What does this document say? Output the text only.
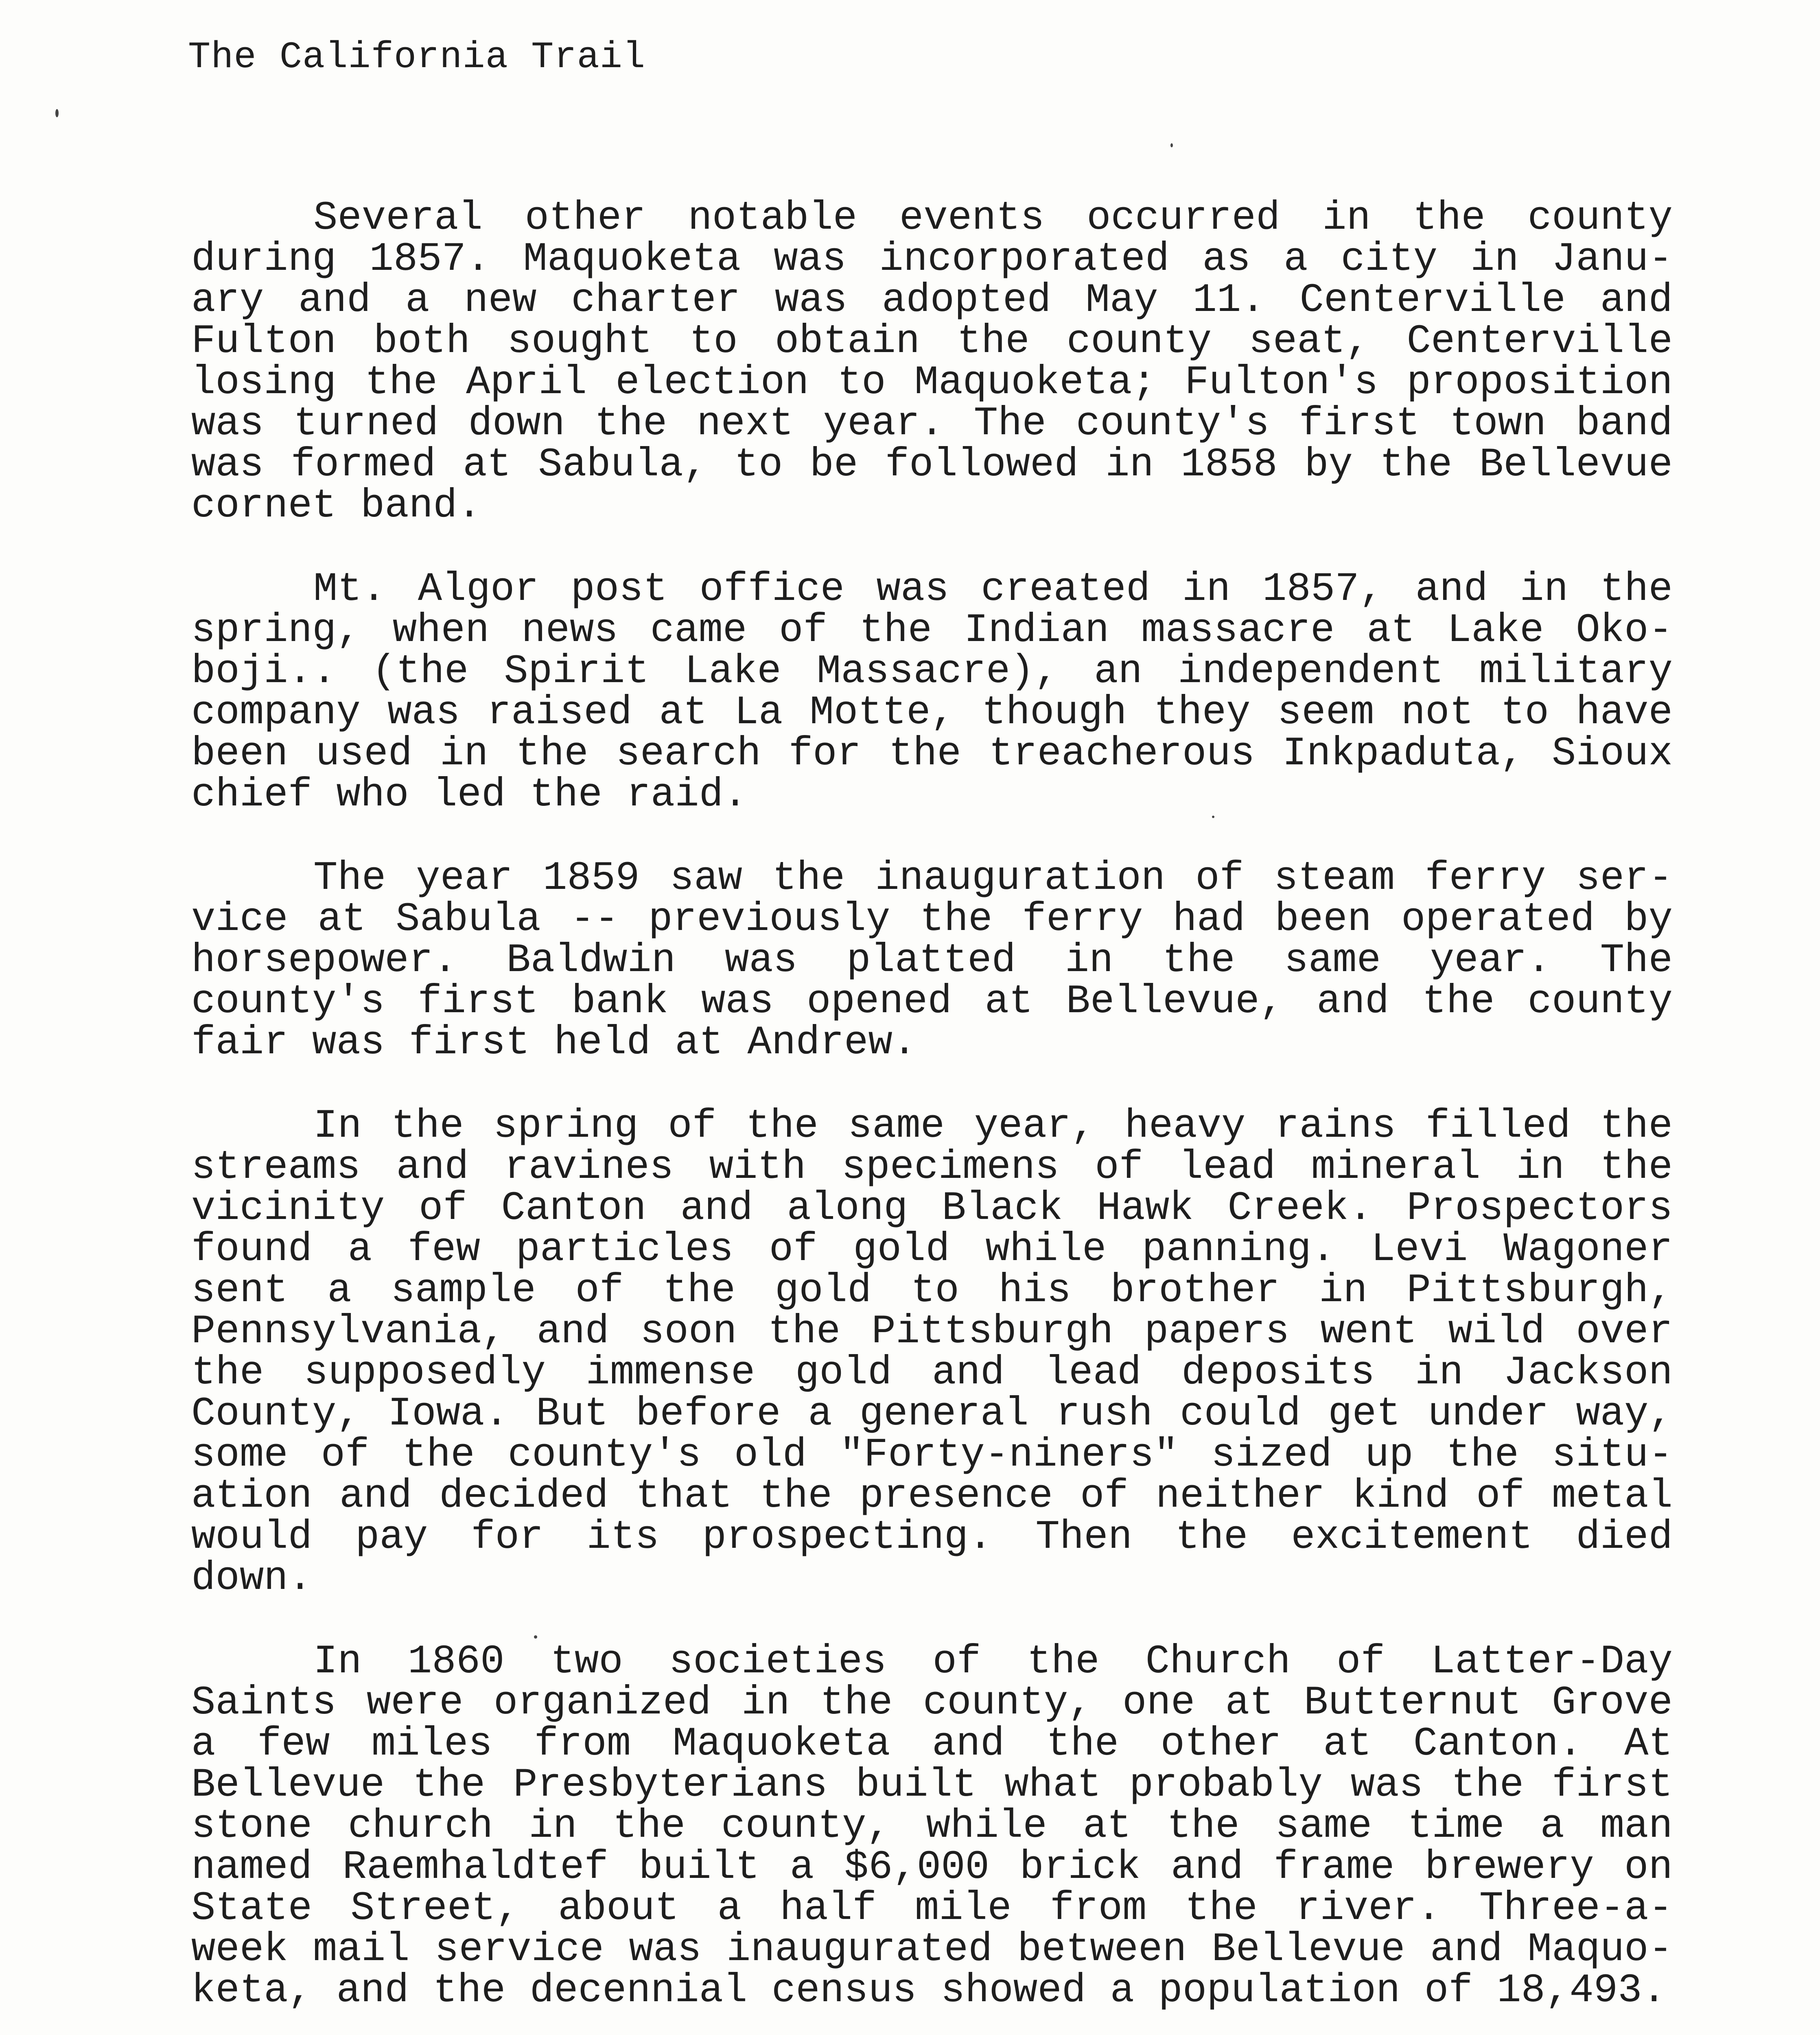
The California Trail

Several other notable events occurred in the county
during 1857. Maquoketa was incorporated as a city in Janu-
ary and a new charter was adopted May 11. Centerville and
Fulton both sought to obtain the county seat, Centerville
losing the April election to Maquoketa; Fulton's proposition
was turned down the next year. The county's first town band
was formed at Sabula, to be followed in 1858 by the Bellevue
cornet band.

Mt. Algor post office was created in 1857, and in the
spring, when news came of the Indian massacre at Lake Oko-
boji.. (the Spirit Lake Massacre), an independent military
company was raised at La Motte, though they seem not to have
been used in the search for the treacherous Inkpaduta, Sioux
chief who led the raid.

The year 1859 saw the inauguration of steam ferry ser-
vice at Sabula -- previously the ferry had been operated by
horsepower. Baldwin was platted in the same year. The
county's first bank was opened at Bellevue, and the county
fair was first held at Andrew.

In the spring of the same year, heavy rains filled the
streams and ravines with specimens of lead mineral in the
vicinity of Canton and along Black Hawk Creek. Prospectors
found a few particles of gold while panning. Levi Wagoner
sent a sample of the gold to his brother in Pittsburgh,
Pennsylvania, and soon the Pittsburgh papers went wild over
the supposedly immense gold and lead deposits in Jackson
County, Iowa. But before a general rush could get under way,
some of the county's old "Forty-niners" sized up the situ-
ation and decided that the presence of neither kind of metal
would pay for its prospecting. Then the excitement died
down.

In 1860 two societies of the Church of Latter-Day
Saints were organized in the county, one at Butternut Grove
a few miles from Maquoketa and the other at Canton. At
Bellevue the Presbyterians built what probably was the first
stone church in the county, while at the same time a man
named Raemhaldtef built a $6,000 brick and frame brewery on
State Street, about a half mile from the river. Three-a-
week mail service was inaugurated between Bellevue and Maquo-
keta, and the decennial census showed a population of 18,493.
